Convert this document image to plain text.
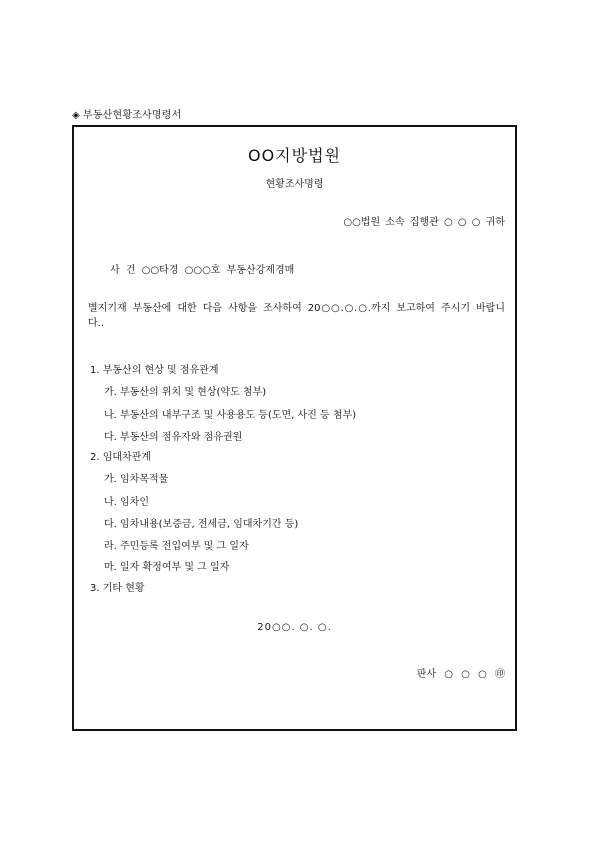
◈ 부동산현황조사명령서
OO지방법원
현황조사명령
○○법원 소속 집행관 ○ ○ ○ 귀하
사 건 ○○타경 ○○○호 부동산강제경매
별지기재 부동산에 대한 다음 사항을 조사하여 20○○.○.○.까지 보고하여 주시기 바랍니다..
1. 부동산의 현상 및 점유관계
가. 부동산의 위치 및 현상(약도 첨부)
나. 부동산의 내부구조 및 사용용도 등(도면, 사진 등 첨부)
다. 부동산의 점유자와 점유권원
2. 임대차관계
가. 임차목적물
나. 임차인
다. 임차내용(보증금, 전세금, 임대차기간 등)
라. 주민등록 전입여부 및 그 일자
마. 일자 확정여부 및 그 일자
3. 기타 현황
20○○. ○. ○.
판사 ○ ○ ○ ㊞
